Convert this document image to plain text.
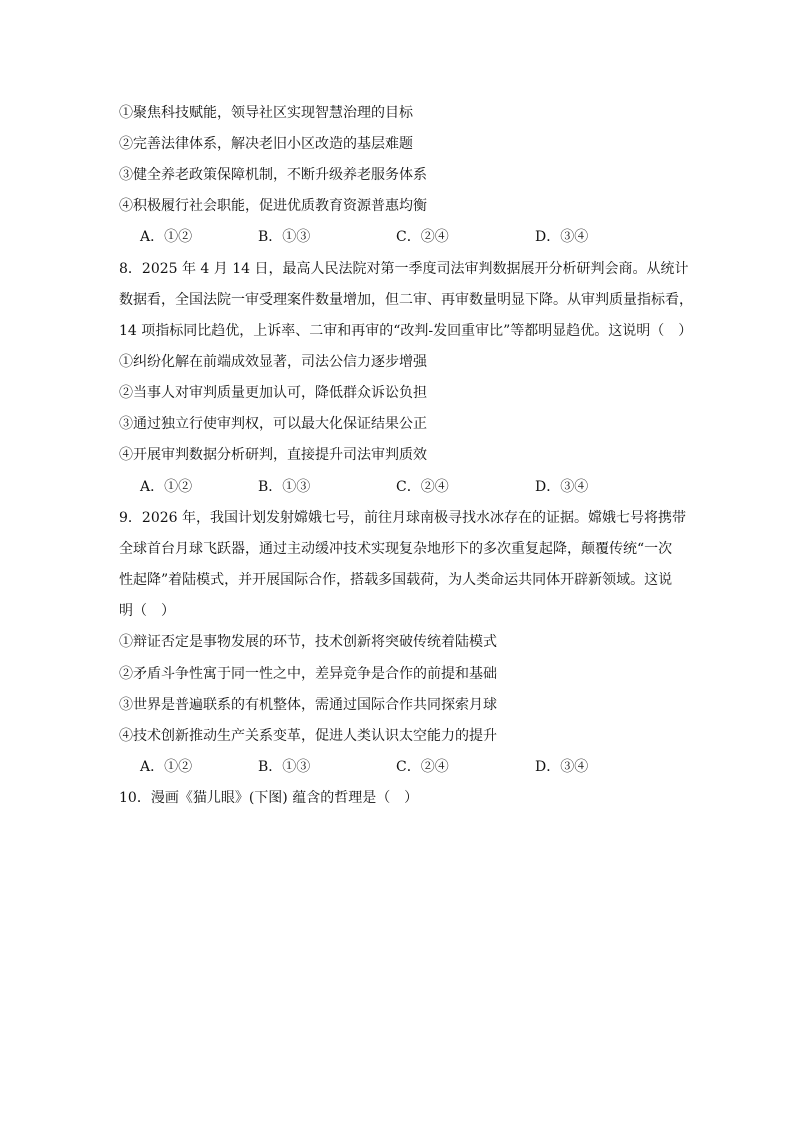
①聚焦科技赋能，领导社区实现智慧治理的目标
②完善法律体系，解决老旧小区改造的基层难题
③健全养老政策保障机制，不断升级养老服务体系
④积极履行社会职能，促进优质教育资源普惠均衡
A．①②	B．①③	C．②④	D．③④
8．2025 年 4 月 14 日，最高人民法院对第一季度司法审判数据展开分析研判会商。从统计
数据看，全国法院一审受理案件数量增加，但二审、再审数量明显下降。从审判质量指标看，
14 项指标同比趋优，上诉率、二审和再审的“改判-发回重审比”等都明显趋优。这说明（　）
①纠纷化解在前端成效显著，司法公信力逐步增强
②当事人对审判质量更加认可，降低群众诉讼负担
③通过独立行使审判权，可以最大化保证结果公正
④开展审判数据分析研判，直接提升司法审判质效
A．①②	B．①③	C．②④	D．③④
9．2026 年，我国计划发射嫦娥七号，前往月球南极寻找水冰存在的证据。嫦娥七号将携带
全球首台月球飞跃器，通过主动缓冲技术实现复杂地形下的多次重复起降，颠覆传统“一次
性起降”着陆模式，并开展国际合作，搭载多国载荷，为人类命运共同体开辟新领域。这说
明（　）
①辩证否定是事物发展的环节，技术创新将突破传统着陆模式
②矛盾斗争性寓于同一性之中，差异竞争是合作的前提和基础
③世界是普遍联系的有机整体，需通过国际合作共同探索月球
④技术创新推动生产关系变革，促进人类认识太空能力的提升
A．①②	B．①③	C．②④	D．③④
10．漫画《猫儿眼》(下图) 蕴含的哲理是（　）
